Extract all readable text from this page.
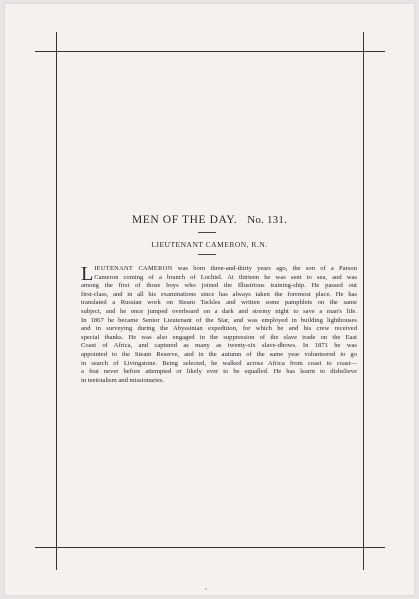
MEN OF THE DAY. No. 131.
LIEUTENANT CAMERON, R.N.
L IEUTENANT CAMERON was born three-and-thirty years ago, the son of a Parson
Cameron coming of a branch of Lochiel. At thirteen he was sent to sea, and was
among the first of those boys who joined the Illustrious training-ship. He passed out
first-class, and in all his examinations since has always taken the foremost place. He has
translated a Russian work on Steam Tackles and written some pamphlets on the same
subject, and he once jumped overboard on a dark and stormy night to save a man's life.
In 1867 he became Senior Lieutenant of the Star, and was employed in building lighthouses
and in surveying during the Abyssinian expedition, for which he and his crew received
special thanks. He was also engaged in the suppression of the slave trade on the East
Coast of Africa, and captured as many as twenty-six slave-dhows. In 1871 he was
appointed to the Steam Reserve, and in the autumn of the same year volunteered to go
in search of Livingstone. Being selected, he walked across Africa from coast to coast—
a feat never before attempted or likely ever to be equalled. He has learnt to disbelieve
in teetotalism and missionaries.
